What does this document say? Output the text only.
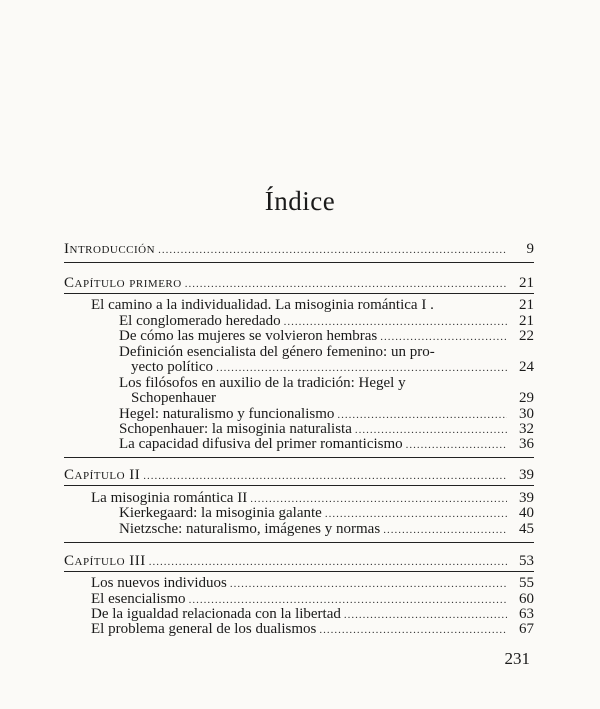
Índice
Introducción .....	9
Capítulo primero .....	21
El camino a la individualidad. La misoginia romántica I .	21
El conglomerado heredado .....	21
De cómo las mujeres se volvieron hembras .....	22
Definición esencialista del género femenino: un pro-
yecto político .....	24
Los filósofos en auxilio de la tradición: Hegel y
Schopenhauer	29
Hegel: naturalismo y funcionalismo .....	30
Schopenhauer: la misoginia naturalista .....	32
La capacidad difusiva del primer romanticismo .....	36
Capítulo II .....	39
La misoginia romántica II .....	39
Kierkegaard: la misoginia galante .....	40
Nietzsche: naturalismo, imágenes y normas .....	45
Capítulo III .....	53
Los nuevos individuos .....	55
El esencialismo .....	60
De la igualdad relacionada con la libertad .....	63
El problema general de los dualismos .....	67
231
